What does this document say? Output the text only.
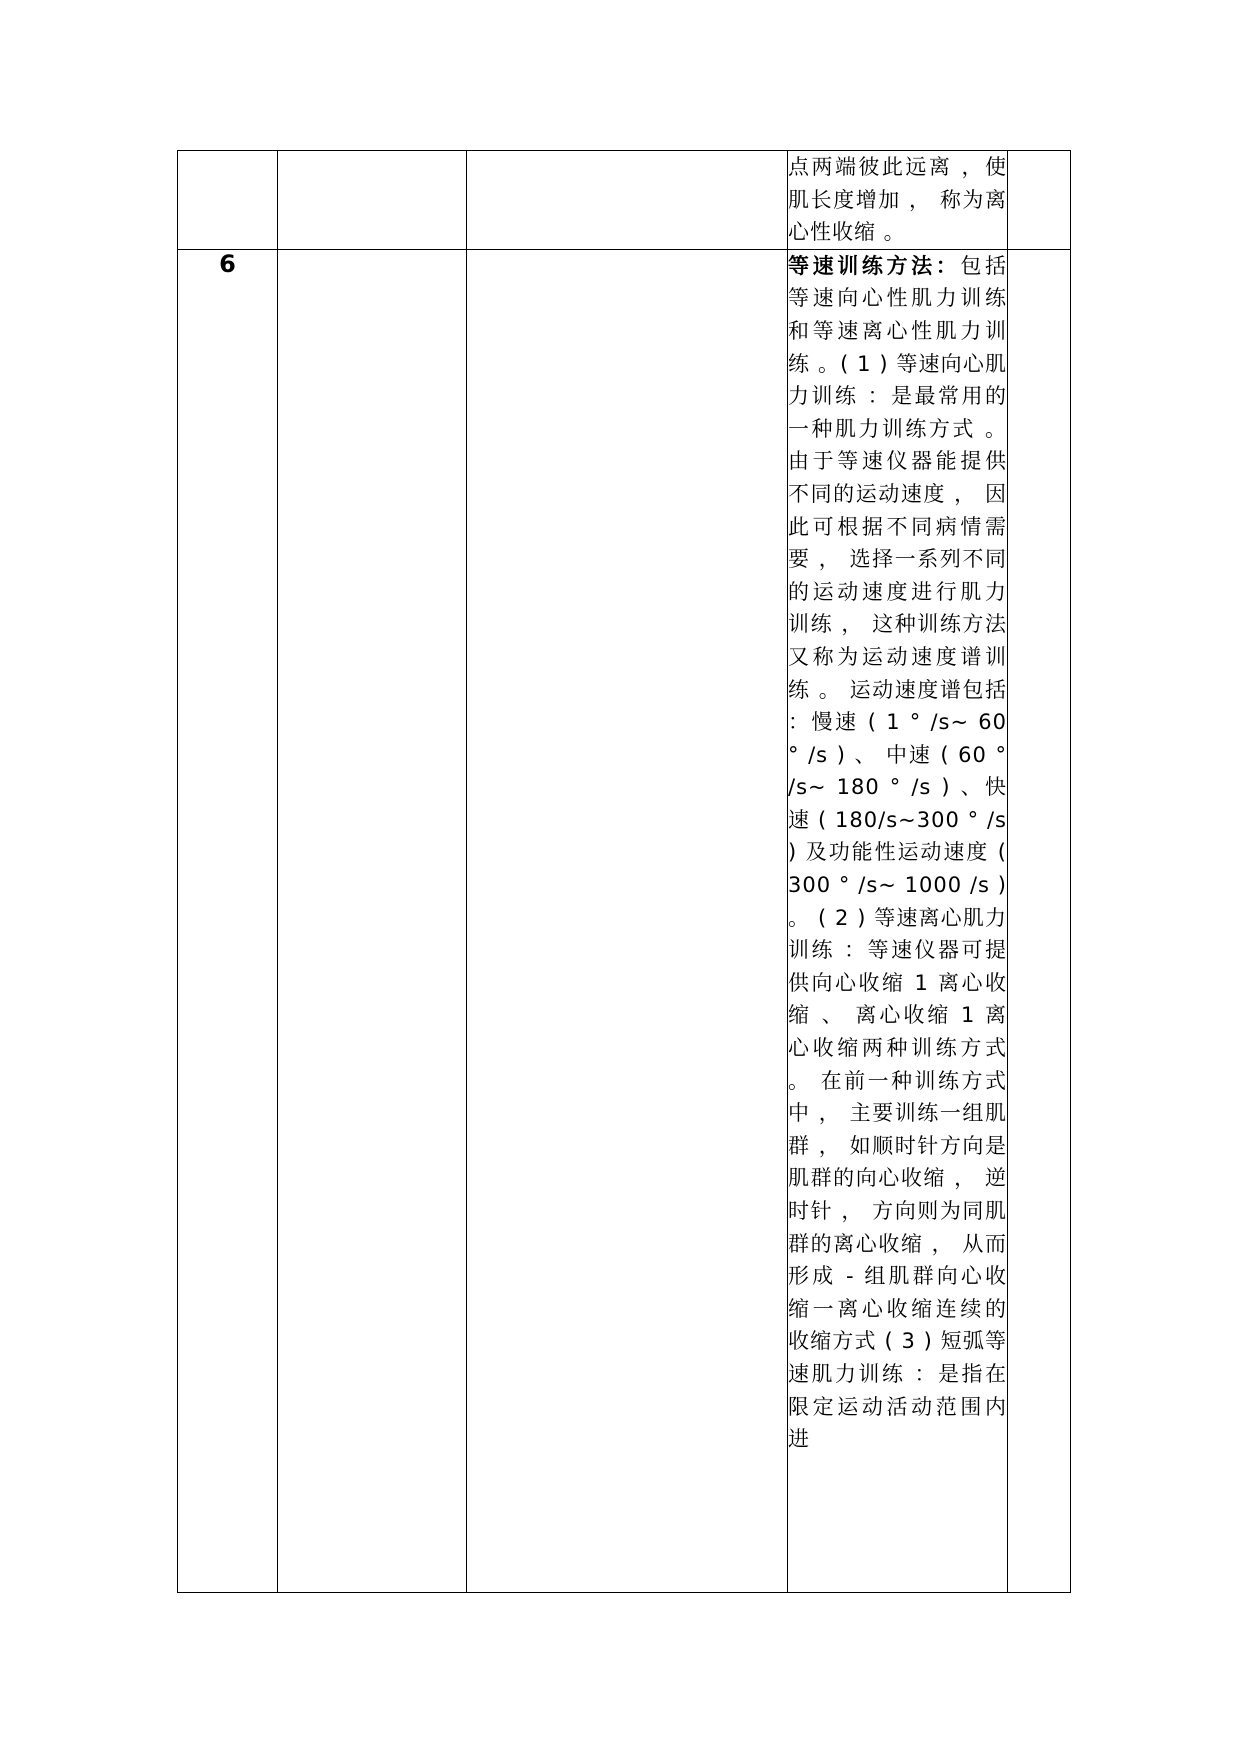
			点两端彼此远离 ，使肌长度增加 ， 称为离心性收缩 。	
6			等速训练方法：包括等速向心性肌力训练和等速离心性肌力训练 。( 1 ) 等速向心肌力训练 ：是最常用的一种肌力训练方式 。 由于等速仪器能提供不同的运动速度 ， 因此可根据不同病情需要 ， 选择一系列不同的运动速度进行肌力训练 ， 这种训练方法又称为运动速度谱训练 。 运动速度谱包括 ：慢速 ( 1 ° /s~ 60 ° /s ) 、 中速 ( 60 ° /s~ 180 ° /s ) 、快速 ( 180/s~300 ° /s ) 及功能性运动速度 ( 300 ° /s~ 1000 /s ) 。 ( 2 ) 等速离心肌力训练 ：等速仪器可提供向心收缩 1 离心收缩 、 离心收缩 1 离心收缩两种训练方式 。 在前一种训练方式中 ， 主要训练一组肌群 ， 如顺时针方向是肌群的向心收缩 ， 逆时针 ， 方向则为同肌群的离心收缩 ， 从而形成 - 组肌群向心收缩一离心收缩连续的收缩方式 ( 3 ) 短弧等速肌力训练 ：是指在限定运动活动范围内进	
